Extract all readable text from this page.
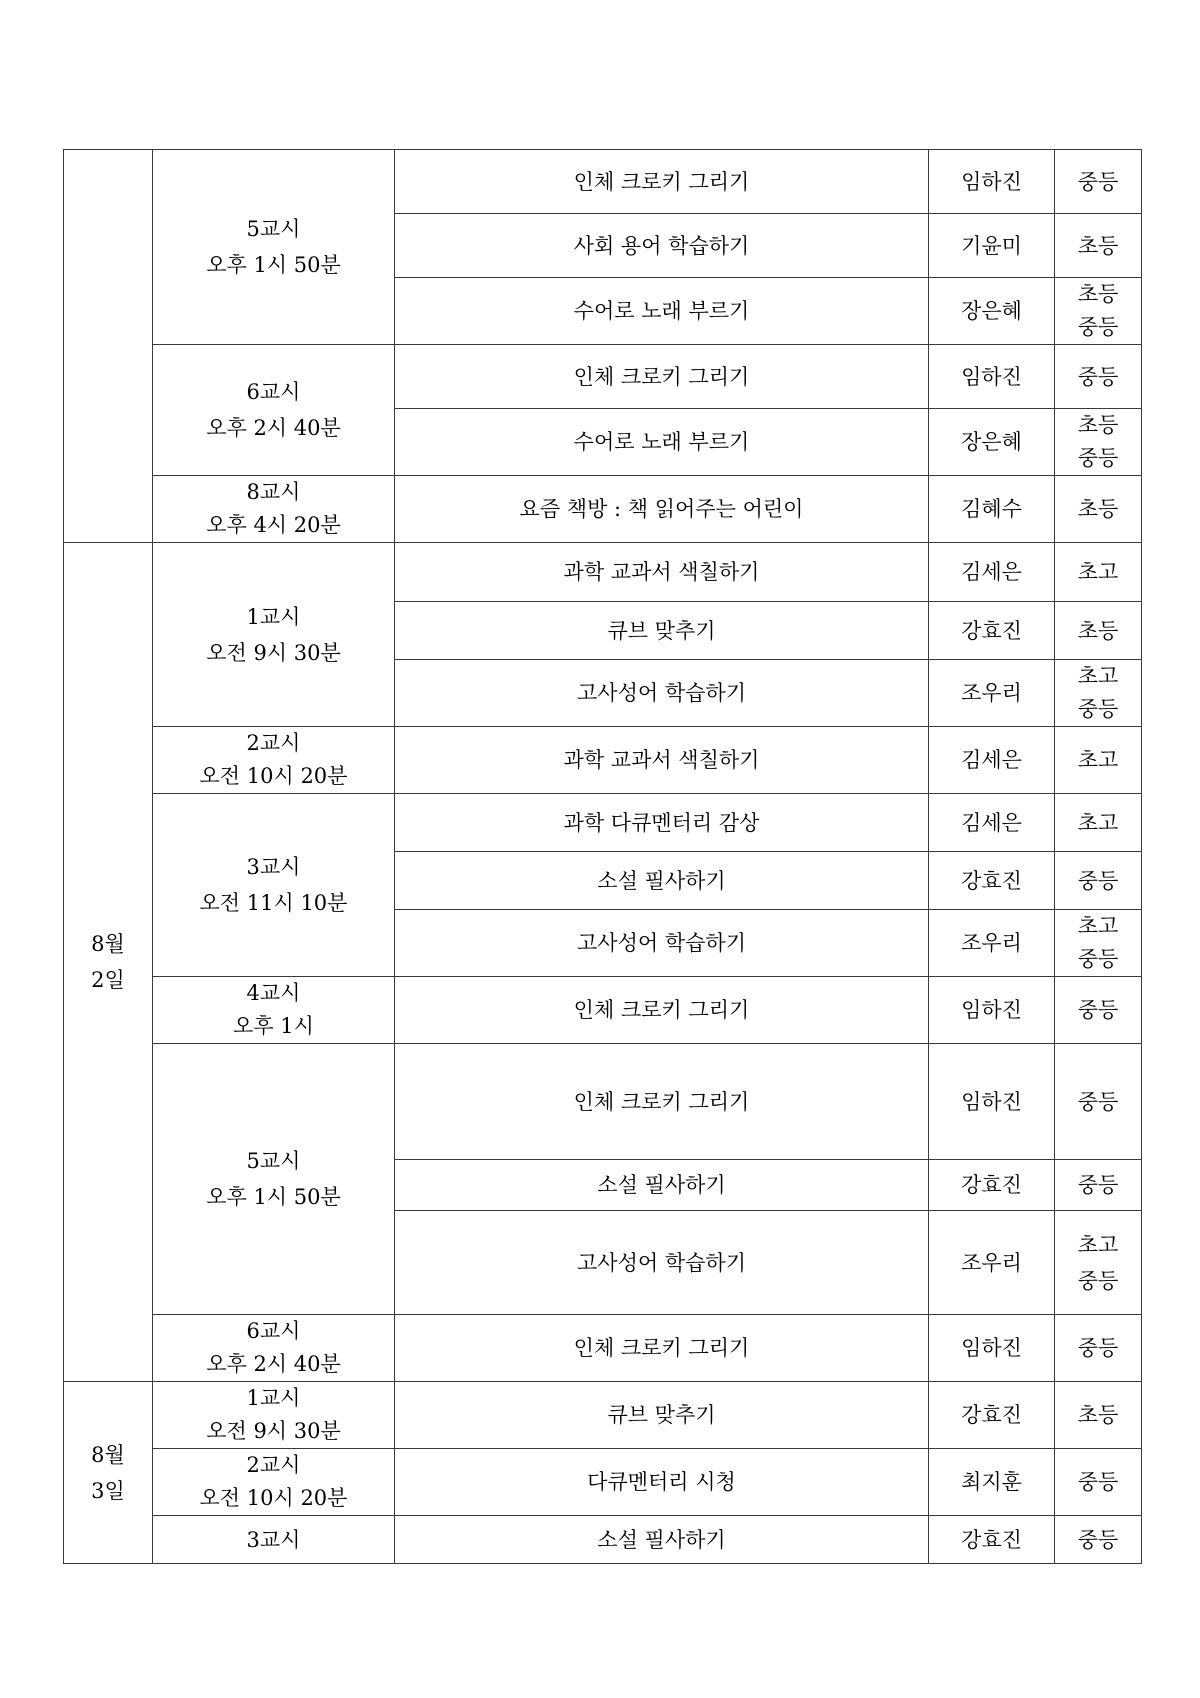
	5교시
오후 1시 50분	인체 크로키 그리기	임하진	중등
		사회 용어 학습하기	기윤미	초등
		수어로 노래 부르기	장은혜	초등
중등

	6교시
오후 2시 40분	인체 크로키 그리기	임하진	중등
		수어로 노래 부르기	장은혜	초등
중등

	8교시
오후 4시 20분	요즘 책방 : 책 읽어주는 어린이	김혜수	초등

8월
2일	1교시
오전 9시 30분	과학 교과서 색칠하기	김세은	초고
		큐브 맞추기	강효진	초등
		고사성어 학습하기	조우리	초고
중등

	2교시
오전 10시 20분	과학 교과서 색칠하기	김세은	초고

	3교시
오전 11시 10분	과학 다큐멘터리 감상	김세은	초고
		소설 필사하기	강효진	중등
		고사성어 학습하기	조우리	초고
중등

	4교시
오후 1시	인체 크로키 그리기	임하진	중등

	5교시
오후 1시 50분	인체 크로키 그리기	임하진	중등
		소설 필사하기	강효진	중등
		고사성어 학습하기	조우리	초고
중등

	6교시
오후 2시 40분	인체 크로키 그리기	임하진	중등

8월
3일	1교시
오전 9시 30분	큐브 맞추기	강효진	초등

	2교시
오전 10시 20분	다큐멘터리 시청	최지훈	중등
	3교시	소설 필사하기	강효진	중등
